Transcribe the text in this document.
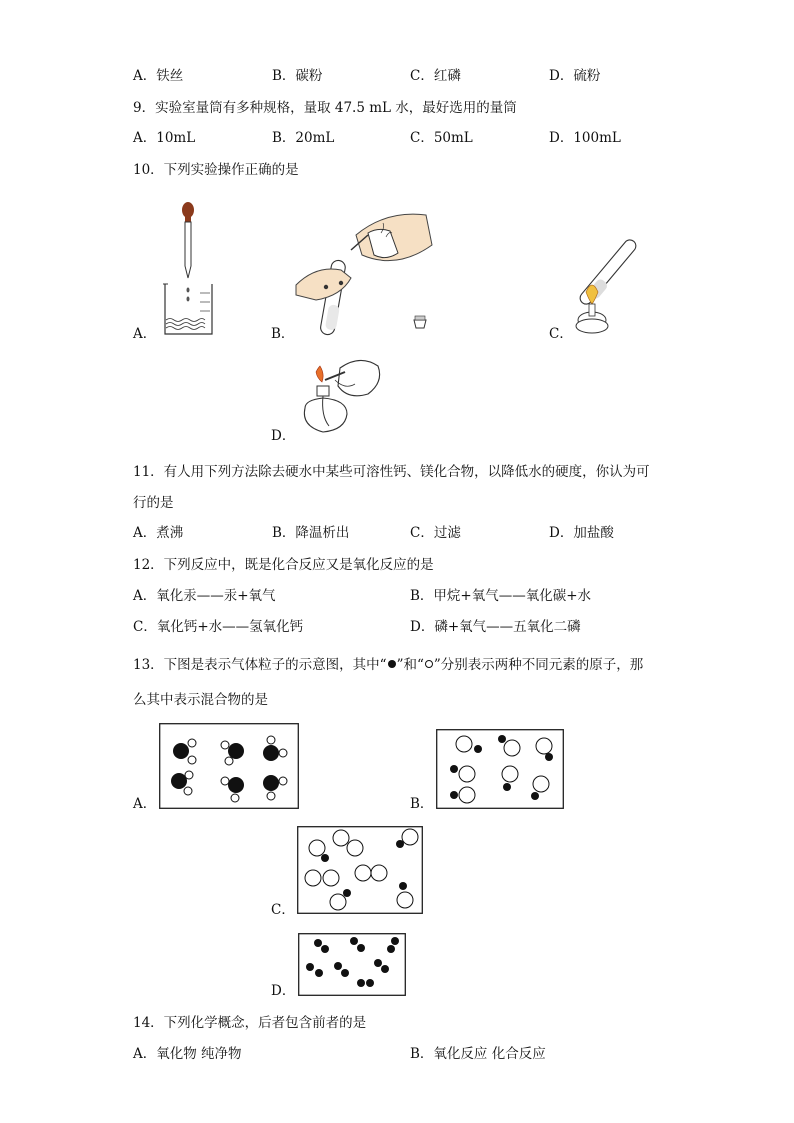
A．铁丝	B．碳粉	C．红磷	D．硫粉
9．实验室量筒有多种规格，量取 47.5 mL 水，最好选用的量筒
A．10mL	B．20mL	C．50mL	D．100mL
10．下列实验操作正确的是
A．	B．	C．
D．
11．有人用下列方法除去硬水中某些可溶性钙、镁化合物，以降低水的硬度，你认为可
行的是
A．煮沸	B．降温析出	C．过滤	D．加盐酸
12．下列反应中，既是化合反应又是氧化反应的是
A．氧化汞——汞+氧气	B．甲烷+氧气——氧化碳+水
C．氧化钙+水——氢氧化钙	D．磷+氧气——五氧化二磷
13．下图是表示气体粒子的示意图，其中“ ”和“ ”分别表示两种不同元素的原子，那
么其中表示混合物的是
A．	B．
C．
D．
14．下列化学概念，后者包含前者的是
A．氧化物 纯净物	B．氧化反应 化合反应
